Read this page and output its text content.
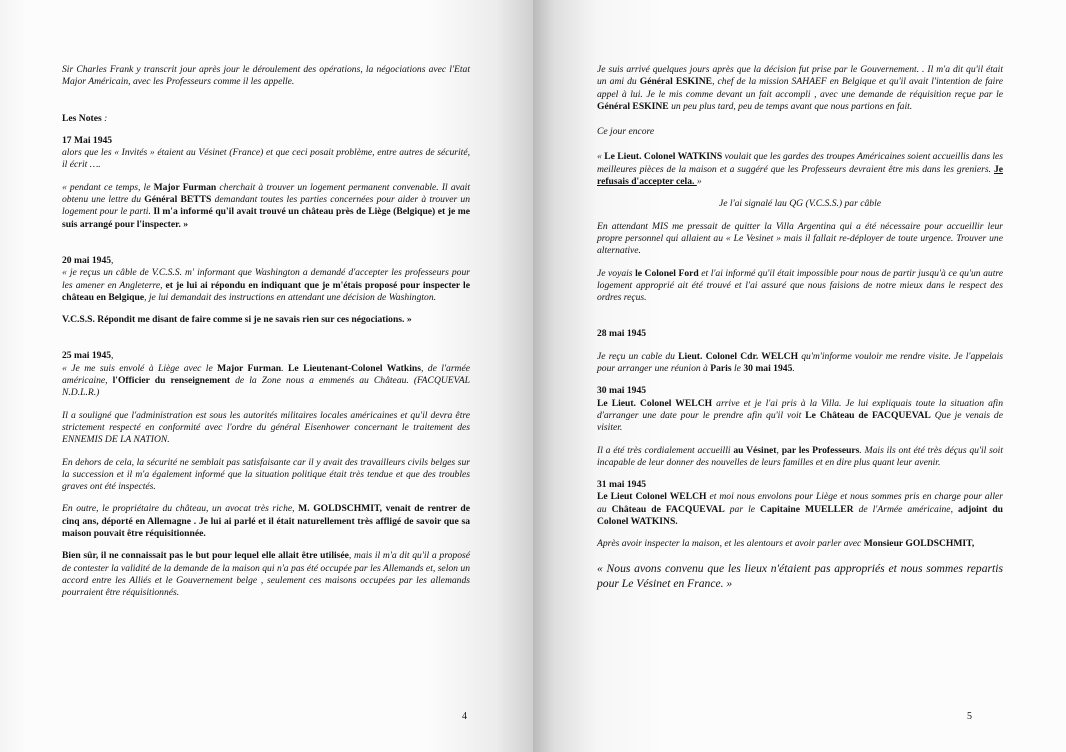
Sir Charles Frank y transcrit jour après jour le déroulement des opérations, la négociations avec l'Etat Major Américain, avec les Professeurs comme il les appelle.

Les Notes :

17 Mai 1945

alors que les « Invités » étaient au Vésinet (France) et que ceci posait problème, entre autres de sécurité, il écrit ….

« pendant ce temps, le Major Furman cherchait à trouver un logement permanent convenable. Il avait obtenu une lettre du Général BETTS demandant toutes les parties concernées pour aider à trouver un logement pour le parti. Il m'a informé qu'il avait trouvé un château près de Liège (Belgique) et je me suis arrangé pour l'inspecter. »

20 mai 1945,

« je reçus un câble de V.C.S.S. m' informant que Washington a demandé d'accepter les professeurs pour les amener en Angleterre, et je lui ai répondu en indiquant que je m'étais proposé pour inspecter le château en Belgique, je lui demandait des instructions en attendant une décision de Washington.

V.C.S.S. Répondit me disant de faire comme si je ne savais rien sur ces négociations. »

25 mai 1945,

« Je me suis envolé à Liège avec le Major Furman. Le Lieutenant-Colonel Watkins, de l'armée américaine, l'Officier du renseignement de la Zone nous a emmenés au Château. (FACQUEVAL N.D.L.R.)

Il a souligné que l'administration est sous les autorités militaires locales américaines et qu'il devra être strictement respecté en conformité avec l'ordre du général Eisenhower concernant le traitement des ENNEMIS DE LA NATION.

En dehors de cela, la sécurité ne semblait pas satisfaisante car il y avait des travailleurs civils belges sur la succession et il m'a également informé que la situation politique était très tendue et que des troubles graves ont été inspectés.

En outre, le propriétaire du château, un avocat très riche, M. GOLDSCHMIT, venait de rentrer de cinq ans, déporté en Allemagne . Je lui ai parlé et il était naturellement très affligé de savoir que sa maison pouvait être réquisitionnée.

Bien sûr, il ne connaissait pas le but pour lequel elle allait être utilisée, mais il m'a dit qu'il a proposé de contester la validité de la demande de la maison qui n'a pas été occupée par les Allemands et, selon un accord entre les Alliés et le Gouvernement belge , seulement ces maisons occupées par les allemands pourraient être réquisitionnés.

4

Je suis arrivé quelques jours après que la décision fut prise par le Gouvernement. . Il m'a dit qu'il était un ami du Général ESKINE, chef de la mission SAHAEF en Belgique et qu'il avait l'intention de faire appel à lui. Je le mis comme devant un fait accompli , avec une demande de réquisition reçue par le Général ESKINE un peu plus tard, peu de temps avant que nous partions en fait.

Ce jour encore

« Le Lieut. Colonel WATKINS voulait que les gardes des troupes Américaines soient accueillis dans les meilleures pièces de la maison et a suggéré que les Professeurs devraient être mis dans les greniers. Je refusais d'accepter cela. »

Je l'ai signalé lau QG (V.C.S.S.) par câble

En attendant MIS me pressait de quitter la Villa Argentina qui a été nécessaire pour accueillir leur propre personnel qui allaient au « Le Vesinet » mais il fallait re-déployer de toute urgence. Trouver une alternative.

Je voyais le Colonel Ford et l'ai informé qu'il était impossible pour nous de partir jusqu'à ce qu'un autre logement approprié ait été trouvé et l'ai assuré que nous faisions de notre mieux dans le respect des ordres reçus.

28 mai 1945

Je reçu un cable du Lieut. Colonel Cdr. WELCH qu'm'informe vouloir me rendre visite. Je l'appelais pour arranger une réunion à Paris le 30 mai 1945.

30 mai 1945

Le Lieut. Colonel WELCH arrive et je l'ai pris à la Villa. Je lui expliquais toute la situation afin d'arranger une date pour le prendre afin qu'il voit Le Château de FACQUEVAL Que je venais de visiter.

Il a été très cordialement accueilli au Vésinet, par les Professeurs. Mais ils ont été très déçus qu'il soit incapable de leur donner des nouvelles de leurs familles et en dire plus quant leur avenir.

31 mai 1945

Le Lieut Colonel WELCH et moi nous envolons pour Liège et nous sommes pris en charge pour aller au Château de FACQUEVAL par le Capitaine MUELLER de l'Armée américaine, adjoint du Colonel WATKINS.

Après avoir inspecter la maison, et les alentours et avoir parler avec Monsieur GOLDSCHMIT,

« Nous avons convenu que les lieux n'étaient pas appropriés et nous sommes repartis pour Le Vésinet en France. »

5
